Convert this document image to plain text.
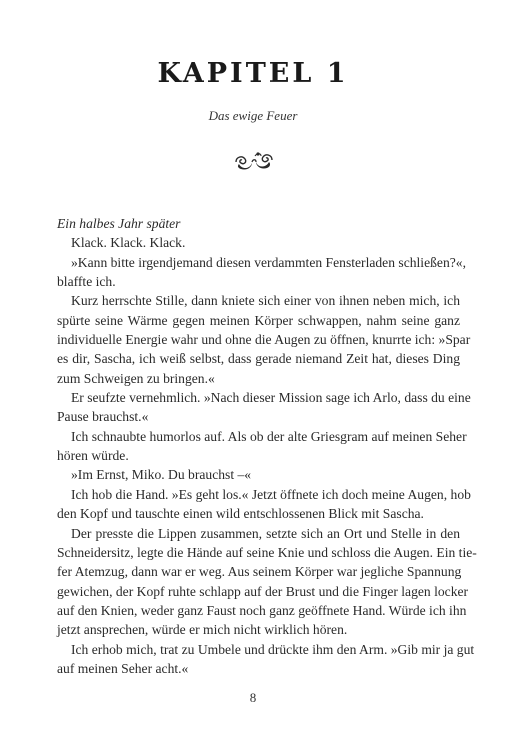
KAPITEL 1
Das ewige Feuer
Ein halbes Jahr später
Klack. Klack. Klack.
»Kann bitte irgendjemand diesen verdammten Fensterladen schließen?«,
blaffte ich.
Kurz herrschte Stille, dann kniete sich einer von ihnen neben mich, ich
spürte seine Wärme gegen meinen Körper schwappen, nahm seine ganz
individuelle Energie wahr und ohne die Augen zu öffnen, knurrte ich: »Spar
es dir, Sascha, ich weiß selbst, dass gerade niemand Zeit hat, dieses Ding
zum Schweigen zu bringen.«
Er seufzte vernehmlich. »Nach dieser Mission sage ich Arlo, dass du eine
Pause brauchst.«
Ich schnaubte humorlos auf. Als ob der alte Griesgram auf meinen Seher
hören würde.
»Im Ernst, Miko. Du brauchst –«
Ich hob die Hand. »Es geht los.« Jetzt öffnete ich doch meine Augen, hob
den Kopf und tauschte einen wild entschlossenen Blick mit Sascha.
Der presste die Lippen zusammen, setzte sich an Ort und Stelle in den
Schneidersitz, legte die Hände auf seine Knie und schloss die Augen. Ein tie-
fer Atemzug, dann war er weg. Aus seinem Körper war jegliche Spannung
gewichen, der Kopf ruhte schlapp auf der Brust und die Finger lagen locker
auf den Knien, weder ganz Faust noch ganz geöffnete Hand. Würde ich ihn
jetzt ansprechen, würde er mich nicht wirklich hören.
Ich erhob mich, trat zu Umbele und drückte ihm den Arm. »Gib mir ja gut
auf meinen Seher acht.«
8
